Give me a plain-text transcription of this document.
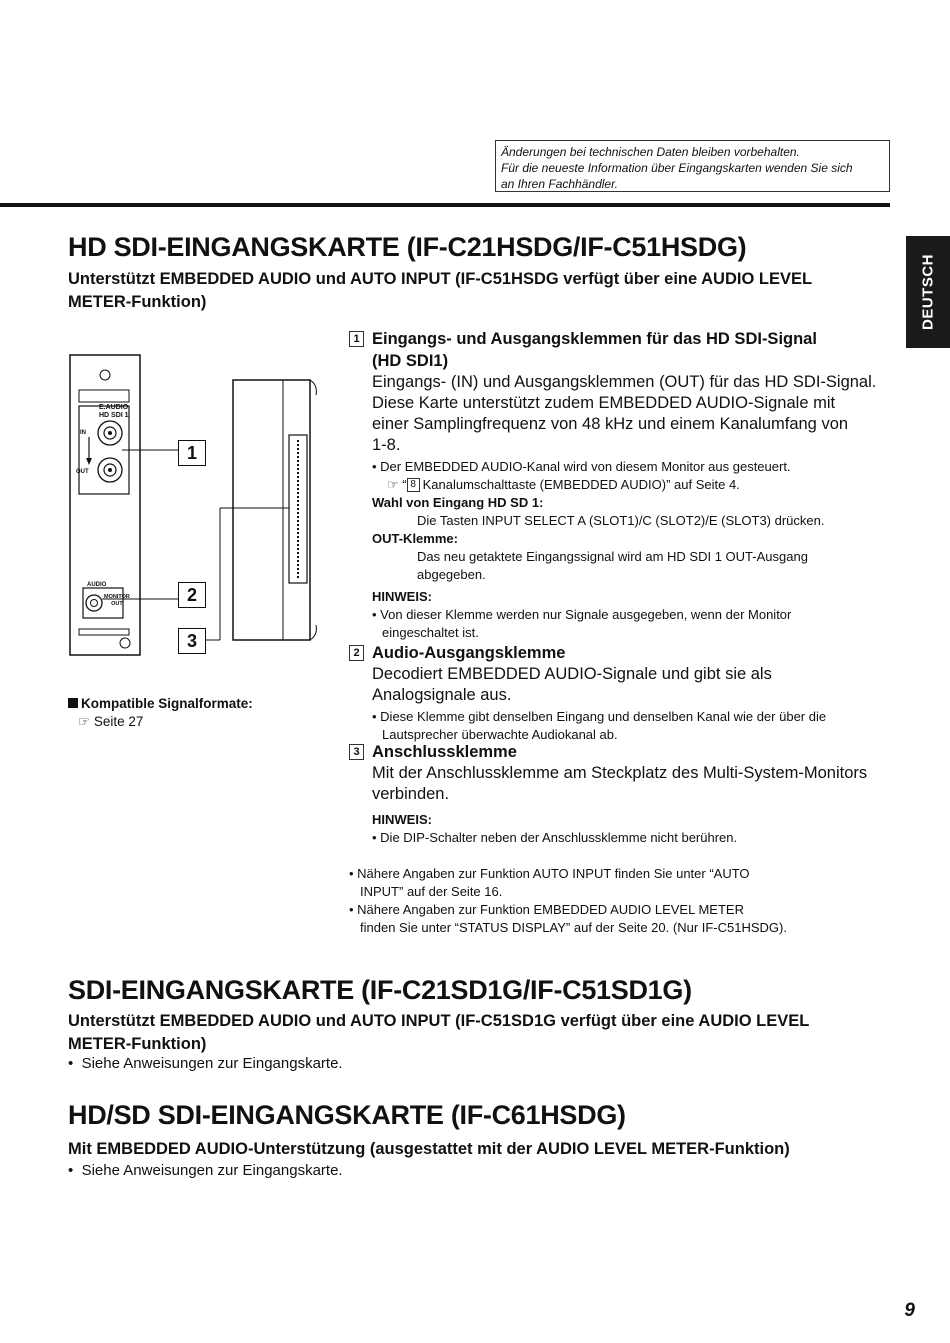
Änderungen bei technischen Daten bleiben vorbehalten.
Für die neueste Information über Eingangskarten wenden Sie sich
an Ihren Fachhändler.
DEUTSCH
HD SDI-EINGANGSKARTE (IF-C21HSDG/IF-C51HSDG)
Unterstützt EMBEDDED AUDIO und AUTO INPUT (IF-C51HSDG verfügt über eine AUDIO LEVEL
METER-Funktion)
1
2
3
E.AUDIO
HD SDI 1
IN
OUT
AUDIO
MONITOR
OUT
Kompatible Signalformate:
☞ Seite 27
1 Eingangs- und Ausgangsklemmen für das HD SDI-Signal
(HD SDI1)
Eingangs- (IN) und Ausgangsklemmen (OUT) für das HD SDI-Signal.
Diese Karte unterstützt zudem EMBEDDED AUDIO-Signale mit
einer Samplingfrequenz von 48 kHz und einem Kanalumfang von
1-8.
• Der EMBEDDED AUDIO-Kanal wird von diesem Monitor aus gesteuert.
☞ “ 8 Kanalumschalttaste (EMBEDDED AUDIO)” auf Seite 4.
Wahl von Eingang HD SD 1:
Die Tasten INPUT SELECT A (SLOT1)/C (SLOT2)/E (SLOT3) drücken.
OUT-Klemme:
Das neu getaktete Eingangssignal wird am HD SDI 1 OUT-Ausgang
abgegeben.
HINWEIS:
• Von dieser Klemme werden nur Signale ausgegeben, wenn der Monitor
eingeschaltet ist.
2 Audio-Ausgangsklemme
Decodiert EMBEDDED AUDIO-Signale und gibt sie als
Analogsignale aus.
• Diese Klemme gibt denselben Eingang und denselben Kanal wie der über die
Lautsprecher überwachte Audiokanal ab.
3 Anschlussklemme
Mit der Anschlussklemme am Steckplatz des Multi-System-Monitors
verbinden.
HINWEIS:
• Die DIP-Schalter neben der Anschlussklemme nicht berühren.
• Nähere Angaben zur Funktion AUTO INPUT finden Sie unter “AUTO
INPUT” auf der Seite 16.
• Nähere Angaben zur Funktion EMBEDDED AUDIO LEVEL METER
finden Sie unter “STATUS DISPLAY” auf der Seite 20. (Nur IF-C51HSDG).
SDI-EINGANGSKARTE (IF-C21SD1G/IF-C51SD1G)
Unterstützt EMBEDDED AUDIO und AUTO INPUT (IF-C51SD1G verfügt über eine AUDIO LEVEL
METER-Funktion)
•  Siehe Anweisungen zur Eingangskarte.
HD/SD SDI-EINGANGSKARTE (IF-C61HSDG)
Mit EMBEDDED AUDIO-Unterstützung (ausgestattet mit der AUDIO LEVEL METER-Funktion)
•  Siehe Anweisungen zur Eingangskarte.
9
